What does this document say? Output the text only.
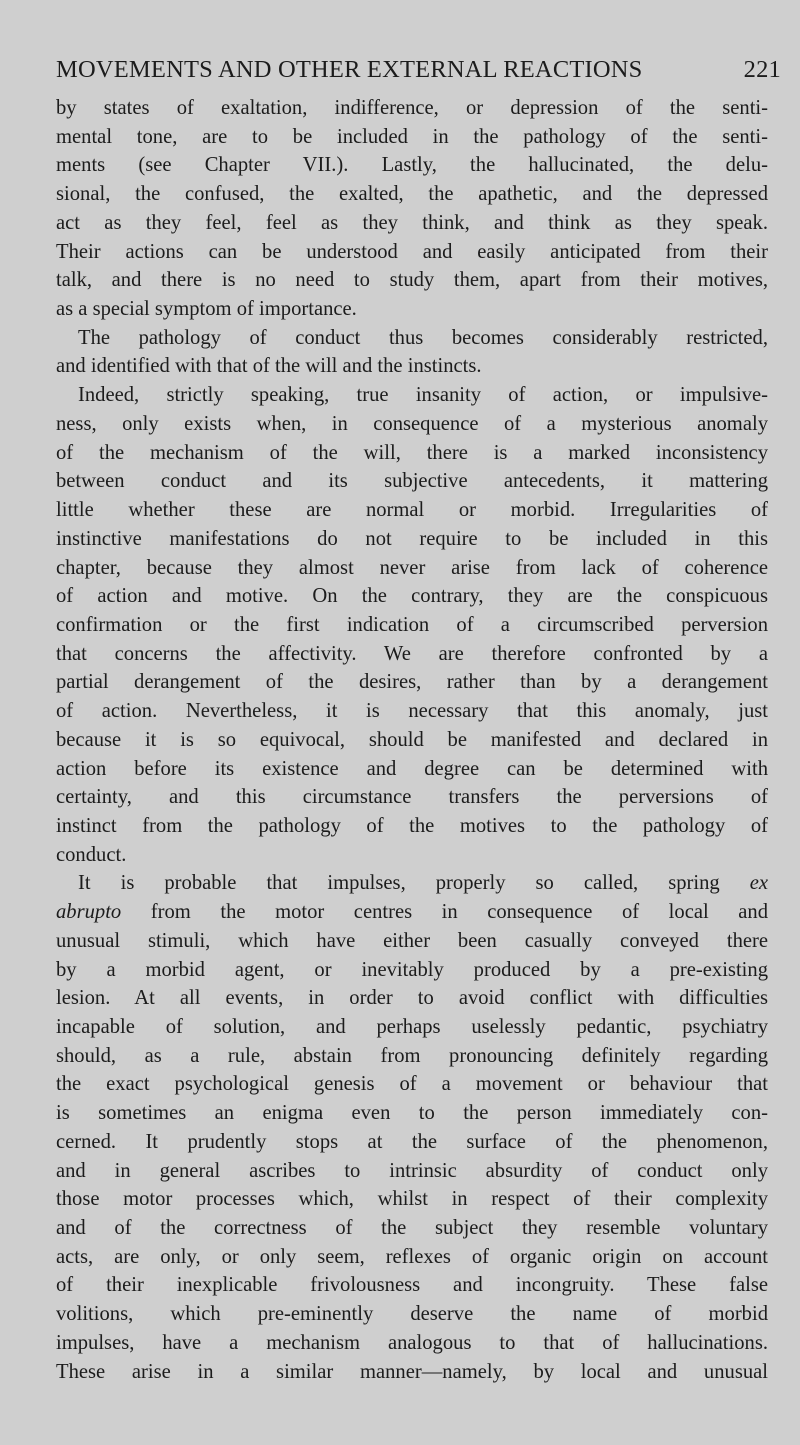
MOVEMENTS AND OTHER EXTERNAL REACTIONS	221
by states of exaltation, indifference, or depression of the senti-
mental tone, are to be included in the pathology of the senti-
ments (see Chapter VII.). Lastly, the hallucinated, the delu-
sional, the confused, the exalted, the apathetic, and the depressed
act as they feel, feel as they think, and think as they speak.
Their actions can be understood and easily anticipated from their
talk, and there is no need to study them, apart from their motives,
as a special symptom of importance.
The pathology of conduct thus becomes considerably restricted,
and identified with that of the will and the instincts.
Indeed, strictly speaking, true insanity of action, or impulsive-
ness, only exists when, in consequence of a mysterious anomaly
of the mechanism of the will, there is a marked inconsistency
between conduct and its subjective antecedents, it mattering
little whether these are normal or morbid. Irregularities of
instinctive manifestations do not require to be included in this
chapter, because they almost never arise from lack of coherence
of action and motive. On the contrary, they are the conspicuous
confirmation or the first indication of a circumscribed perversion
that concerns the affectivity. We are therefore confronted by a
partial derangement of the desires, rather than by a derangement
of action. Nevertheless, it is necessary that this anomaly, just
because it is so equivocal, should be manifested and declared in
action before its existence and degree can be determined with
certainty, and this circumstance transfers the perversions of
instinct from the pathology of the motives to the pathology of
conduct.
It is probable that impulses, properly so called, spring ex
abrupto from the motor centres in consequence of local and
unusual stimuli, which have either been casually conveyed there
by a morbid agent, or inevitably produced by a pre-existing
lesion. At all events, in order to avoid conflict with difficulties
incapable of solution, and perhaps uselessly pedantic, psychiatry
should, as a rule, abstain from pronouncing definitely regarding
the exact psychological genesis of a movement or behaviour that
is sometimes an enigma even to the person immediately con-
cerned. It prudently stops at the surface of the phenomenon,
and in general ascribes to intrinsic absurdity of conduct only
those motor processes which, whilst in respect of their complexity
and of the correctness of the subject they resemble voluntary
acts, are only, or only seem, reflexes of organic origin on account
of their inexplicable frivolousness and incongruity. These false
volitions, which pre-eminently deserve the name of morbid
impulses, have a mechanism analogous to that of hallucinations.
These arise in a similar manner—namely, by local and unusual
